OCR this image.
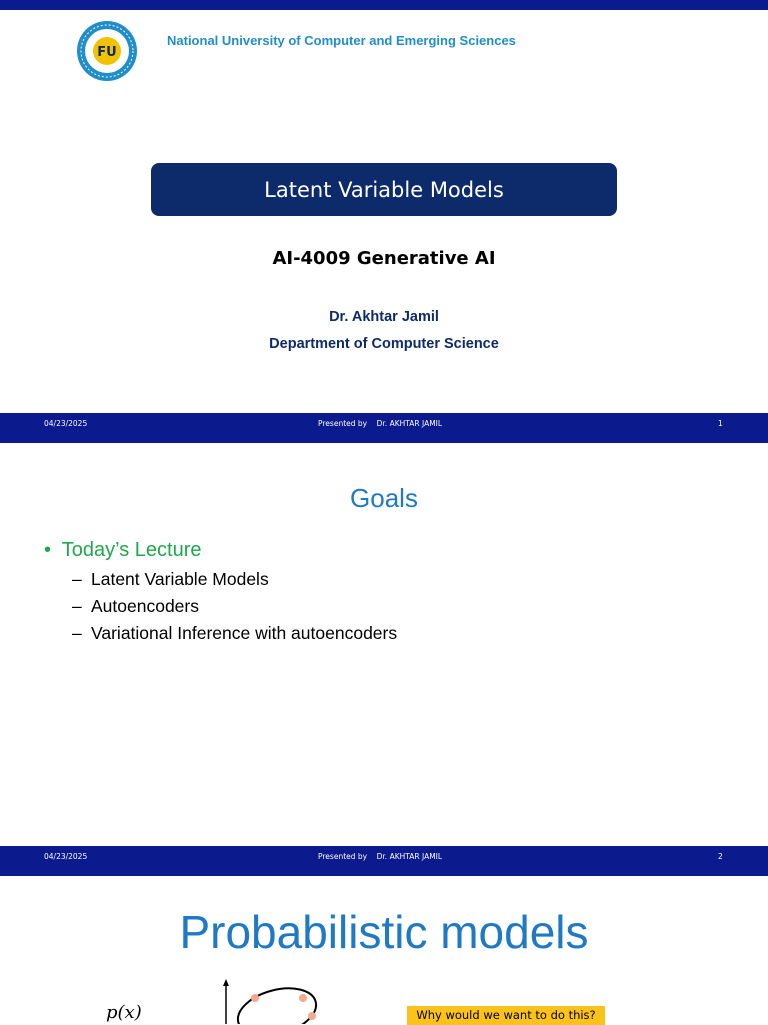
FU
National University of Computer and Emerging Sciences
Latent Variable Models
AI-4009 Generative AI
Dr. Akhtar Jamil
Department of Computer Science
04/23/2025	Presented by    Dr. AKHTAR JAMIL	1
Goals
• Today’s Lecture
– Latent Variable Models
– Autoencoders
– Variational Inference with autoencoders
04/23/2025	Presented by    Dr. AKHTAR JAMIL	2
Probabilistic models
p(x)	Why would we want to do this?
